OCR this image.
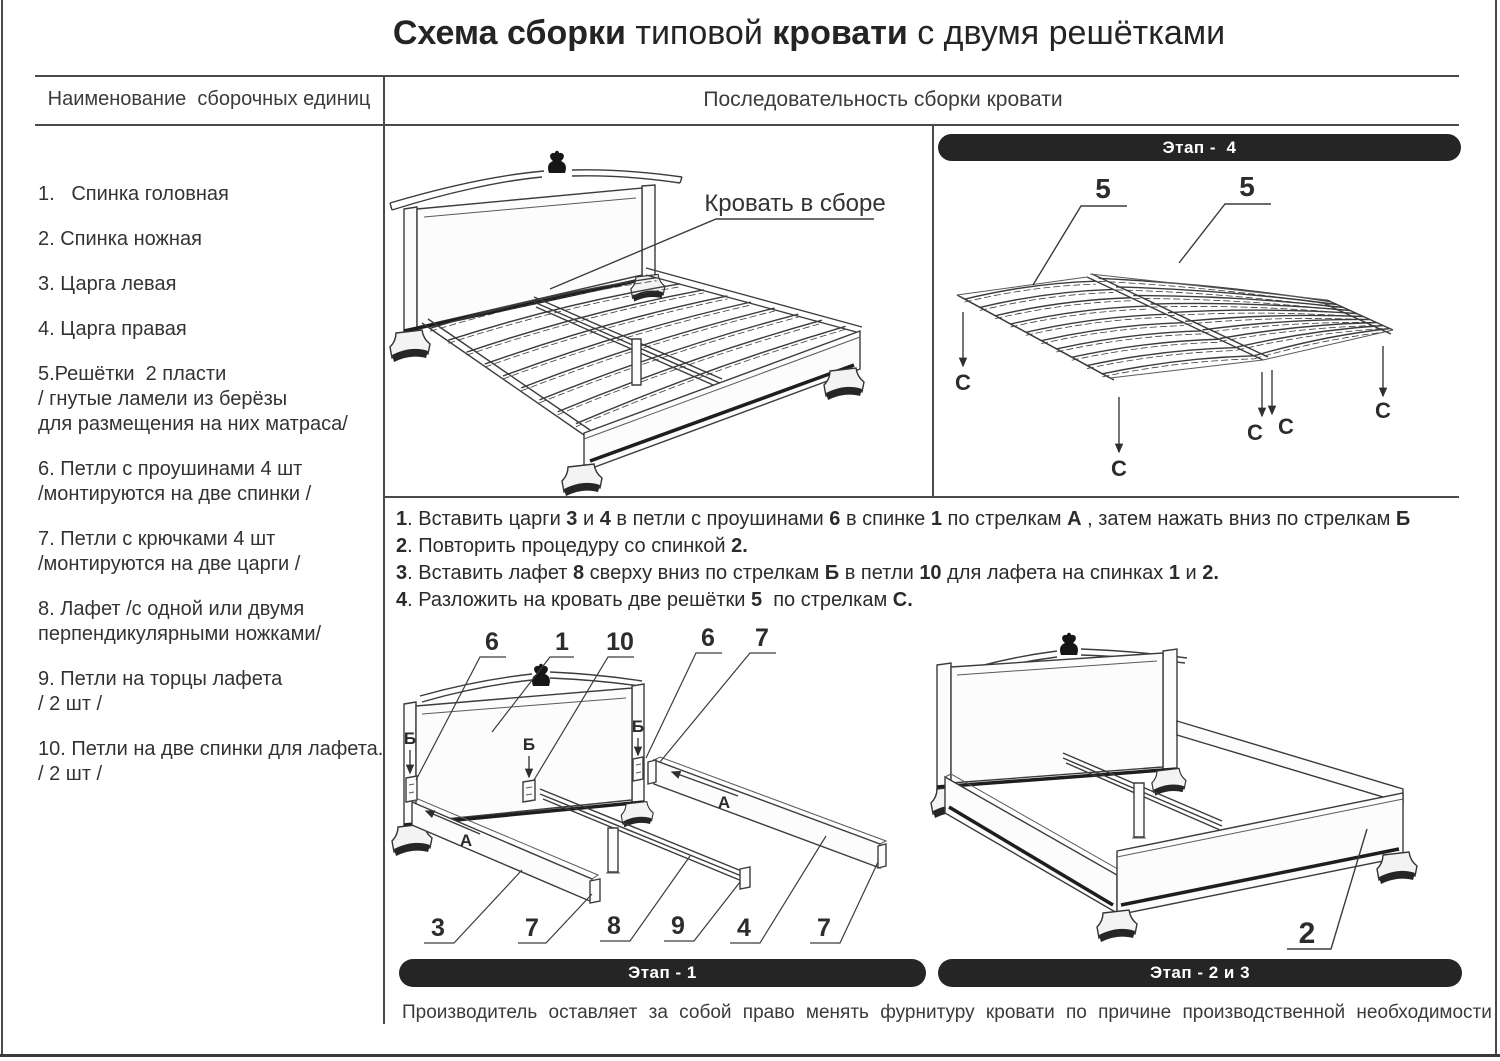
Схема сборки типовой кровати с двумя решётками
Наименование  сборочных единиц	Последовательность сборки кровати
1.   Спинка головная
2. Спинка ножная
3. Царга левая
4. Царга правая
5.Решётки  2 пласти
/ гнутые ламели из берёзы
для размещения на них матраса/
6. Петли с проушинами 4 шт
/монтируются на две спинки /
7. Петли с крючками 4 шт
/монтируются на две царги /
8. Лафет /с одной или двумя
перпендикулярными ножками/
9. Петли на торцы лафета
/ 2 шт /
10. Петли на две спинки для лафета.
/ 2 шт /
Кровать в сборе
Этап -  4
5	5
С
С
С С
С
1. Вставить царги 3 и 4 в петли с проушинами 6 в спинке 1 по стрелкам А , затем нажать вниз по стрелкам Б
2. Повторить процедуру со спинкой 2.
3. Вставить лафет 8 сверху вниз по стрелкам Б в петли 10 для лафета на спинках 1 и 2.
4. Разложить на кровать две решётки 5  по стрелкам С.
Б	Б
Б
А
А
6 1 10	6 7
3	7	8 9 4	7
Этап - 1
2
Этап - 2 и 3
Производитель оставляет за собой право менять фурнитуру кровати по причине производственной необходимости
